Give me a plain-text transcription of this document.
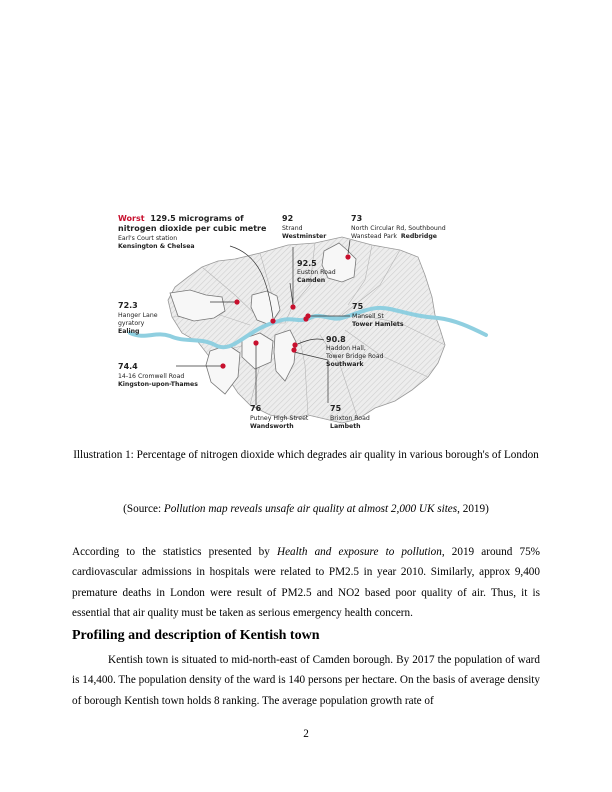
Worst 129.5 micrograms of
nitrogen dioxide per cubic metre
Earl's Court station
Kensington & Chelsea
92
Strand
Westminster
73
North Circular Rd, Southbound
Wanstead Park Redbridge
92.5
Euston Road
Camden
72.3
Hanger Lane
gyratory
Ealing
75
Mansell St
Tower Hamlets
90.8
Haddon Hall,
Tower Bridge Road
Southwark
74.4
14-16 Cromwell Road
Kingston-upon-Thames
76
Putney High Street
Wandsworth
75
Brixton Road
Lambeth
Illustration 1: Percentage of nitrogen dioxide which degrades air quality in various borough's of London
(Source: Pollution map reveals unsafe air quality at almost 2,000 UK sites, 2019)

According to the statistics presented by Health and exposure to pollution, 2019 around 75% cardiovascular admissions in hospitals were related to PM2.5 in year 2010. Similarly, approx 9,400 premature deaths in London were result of PM2.5 and NO2 based poor quality of air. Thus, it is essential that air quality must be taken as serious emergency health concern.

Profiling and description of Kentish town

Kentish town is situated to mid-north-east of Camden borough. By 2017 the population of ward is 14,400. The population density of the ward is 140 persons per hectare. On the basis of average density of borough Kentish town holds 8 ranking. The average population growth rate of

2
